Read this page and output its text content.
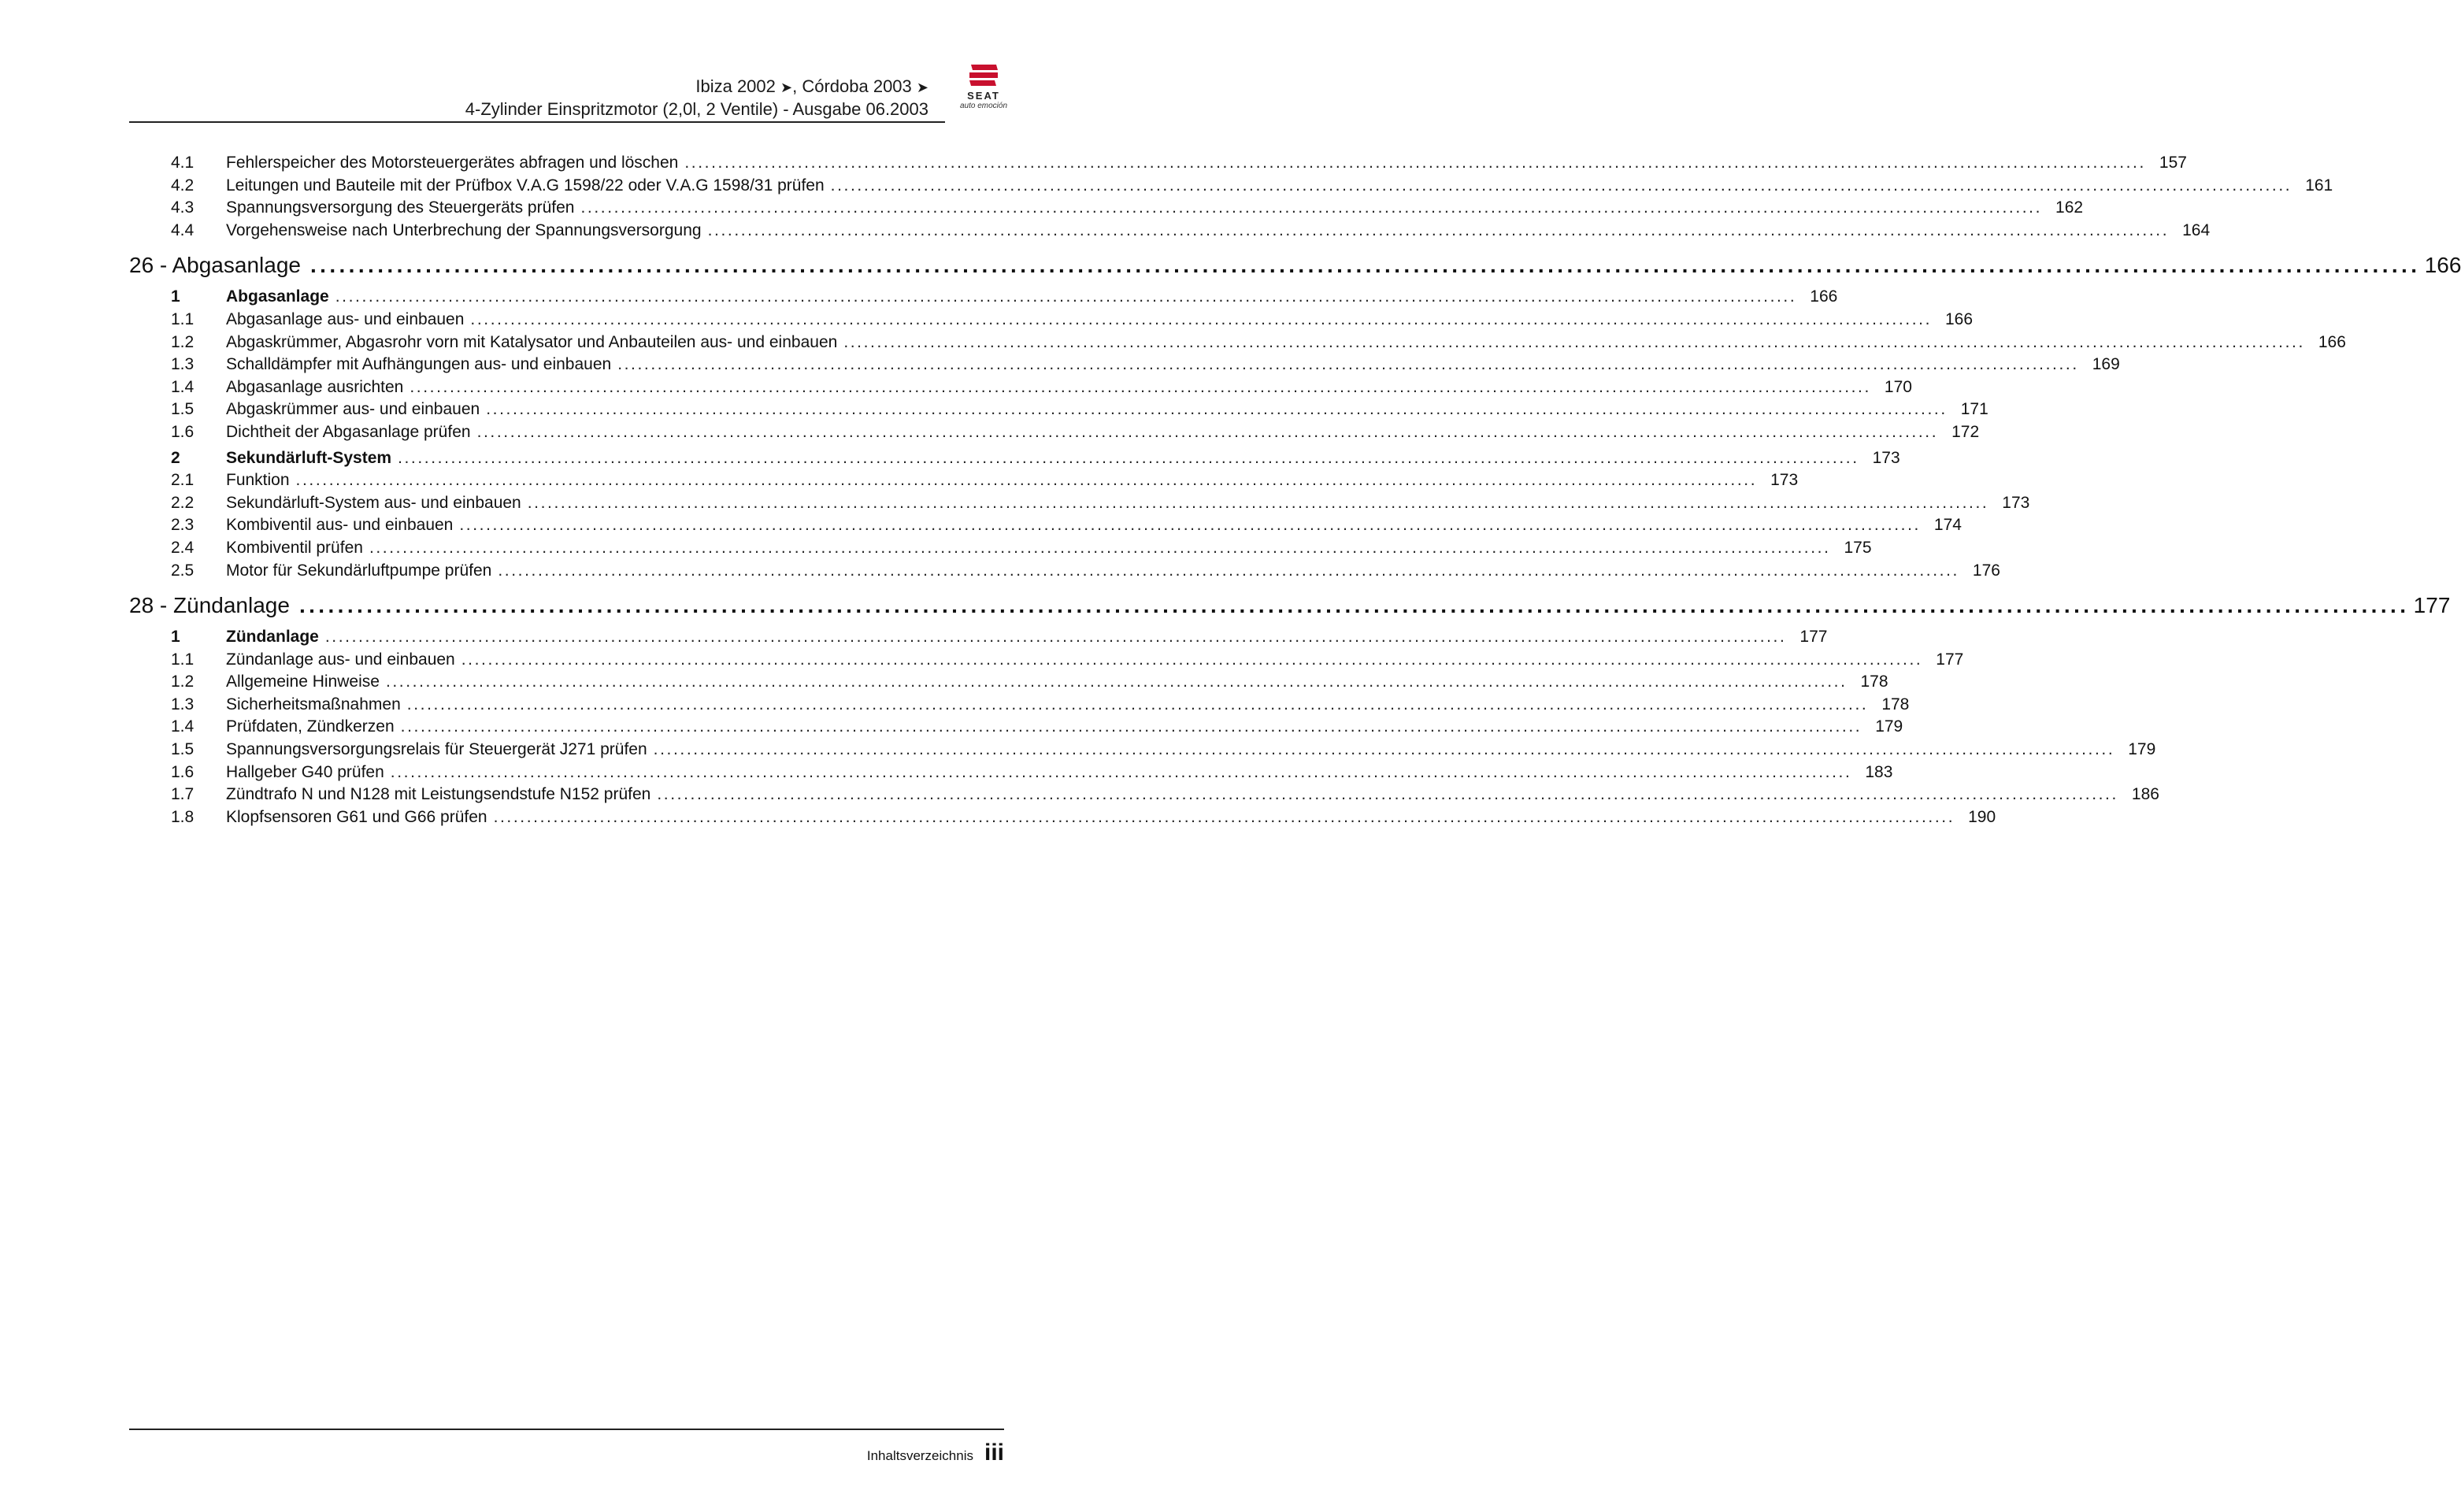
Ibiza 2002 ➤, Córdoba 2003 ➤
4-Zylinder Einspritzmotor (2,0l, 2 Ventile) - Ausgabe 06.2003
SEAT
auto emoción
4.1	Fehlerspeicher des Motorsteuergerätes abfragen und löschen ............................................................................................................................................................................................................................ 157
4.2	Leitungen und Bauteile mit der Prüfbox V.A.G 1598/22 oder V.A.G 1598/31 prüfen ............................................................................................................................................................................................................................ 161
4.3	Spannungsversorgung des Steuergeräts prüfen ............................................................................................................................................................................................................................ 162
4.4	Vorgehensweise nach Unterbrechung der Spannungsversorgung ............................................................................................................................................................................................................................ 164
26 - Abgasanlage ............................................................................................................................................................................................................................ 166
1	Abgasanlage ............................................................................................................................................................................................................................ 166
1.1	Abgasanlage aus- und einbauen ............................................................................................................................................................................................................................ 166
1.2	Abgaskrümmer, Abgasrohr vorn mit Katalysator und Anbauteilen aus- und einbauen ............................................................................................................................................................................................................................ 166
1.3	Schalldämpfer mit Aufhängungen aus- und einbauen ............................................................................................................................................................................................................................ 169
1.4	Abgasanlage ausrichten ............................................................................................................................................................................................................................ 170
1.5	Abgaskrümmer aus- und einbauen ............................................................................................................................................................................................................................ 171
1.6	Dichtheit der Abgasanlage prüfen ............................................................................................................................................................................................................................ 172
2	Sekundärluft-System ............................................................................................................................................................................................................................ 173
2.1	Funktion ............................................................................................................................................................................................................................ 173
2.2	Sekundärluft-System aus- und einbauen ............................................................................................................................................................................................................................ 173
2.3	Kombiventil aus- und einbauen ............................................................................................................................................................................................................................ 174
2.4	Kombiventil prüfen ............................................................................................................................................................................................................................ 175
2.5	Motor für Sekundärluftpumpe prüfen ............................................................................................................................................................................................................................ 176
28 - Zündanlage ............................................................................................................................................................................................................................ 177
1	Zündanlage ............................................................................................................................................................................................................................ 177
1.1	Zündanlage aus- und einbauen ............................................................................................................................................................................................................................ 177
1.2	Allgemeine Hinweise ............................................................................................................................................................................................................................ 178
1.3	Sicherheitsmaßnahmen ............................................................................................................................................................................................................................ 178
1.4	Prüfdaten, Zündkerzen ............................................................................................................................................................................................................................ 179
1.5	Spannungsversorgungsrelais für Steuergerät J271 prüfen ............................................................................................................................................................................................................................ 179
1.6	Hallgeber G40 prüfen ............................................................................................................................................................................................................................ 183
1.7	Zündtrafo N und N128 mit Leistungsendstufe N152 prüfen ............................................................................................................................................................................................................................ 186
1.8	Klopfsensoren G61 und G66 prüfen ............................................................................................................................................................................................................................ 190
Inhaltsverzeichnis iii
